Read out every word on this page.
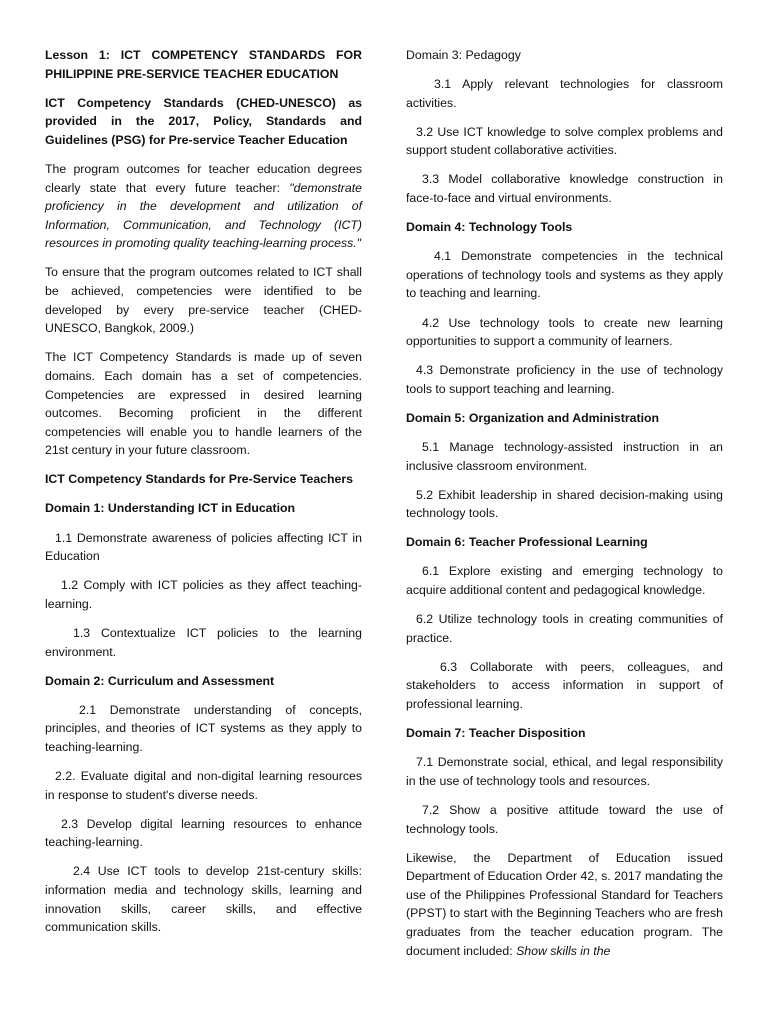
Lesson 1: ICT COMPETENCY STANDARDS FOR PHILIPPINE PRE-SERVICE TEACHER EDUCATION

ICT Competency Standards (CHED-UNESCO) as provided in the 2017, Policy, Standards and Guidelines (PSG) for Pre-service Teacher Education

The program outcomes for teacher education degrees clearly state that every future teacher: "demonstrate proficiency in the development and utilization of Information, Communication, and Technology (ICT) resources in promoting quality teaching-learning process."

To ensure that the program outcomes related to ICT shall be achieved, competencies were identified to be developed by every pre-service teacher (CHED-UNESCO, Bangkok, 2009.)

The ICT Competency Standards is made up of seven domains. Each domain has a set of competencies. Competencies are expressed in desired learning outcomes. Becoming proficient in the different competencies will enable you to handle learners of the 21st century in your future classroom.

ICT Competency Standards for Pre-Service Teachers

Domain 1: Understanding ICT in Education

1.1 Demonstrate awareness of policies affecting ICT in Education

1.2 Comply with ICT policies as they affect teaching-learning.

1.3 Contextualize ICT policies to the learning environment.

Domain 2: Curriculum and Assessment

2.1 Demonstrate understanding of concepts, principles, and theories of ICT systems as they apply to teaching-learning.

2.2. Evaluate digital and non-digital learning resources in response to student's diverse needs.

2.3 Develop digital learning resources to enhance teaching-learning.

2.4 Use ICT tools to develop 21st-century skills: information media and technology skills, learning and innovation skills, career skills, and effective communication skills.

Domain 3: Pedagogy

3.1 Apply relevant technologies for classroom activities.

3.2 Use ICT knowledge to solve complex problems and support student collaborative activities.

3.3 Model collaborative knowledge construction in face-to-face and virtual environments.

Domain 4: Technology Tools

4.1 Demonstrate competencies in the technical operations of technology tools and systems as they apply to teaching and learning.

4.2 Use technology tools to create new learning opportunities to support a community of learners.

4.3 Demonstrate proficiency in the use of technology tools to support teaching and learning.

Domain 5: Organization and Administration

5.1 Manage technology-assisted instruction in an inclusive classroom environment.

5.2 Exhibit leadership in shared decision-making using technology tools.

Domain 6: Teacher Professional Learning

6.1 Explore existing and emerging technology to acquire additional content and pedagogical knowledge.

6.2 Utilize technology tools in creating communities of practice.

6.3 Collaborate with peers, colleagues, and stakeholders to access information in support of professional learning.

Domain 7: Teacher Disposition

7.1 Demonstrate social, ethical, and legal responsibility in the use of technology tools and resources.

7.2 Show a positive attitude toward the use of technology tools.

Likewise, the Department of Education issued Department of Education Order 42, s. 2017 mandating the use of the Philippines Professional Standard for Teachers (PPST) to start with the Beginning Teachers who are fresh graduates from the teacher education program. The document included: Show skills in the
